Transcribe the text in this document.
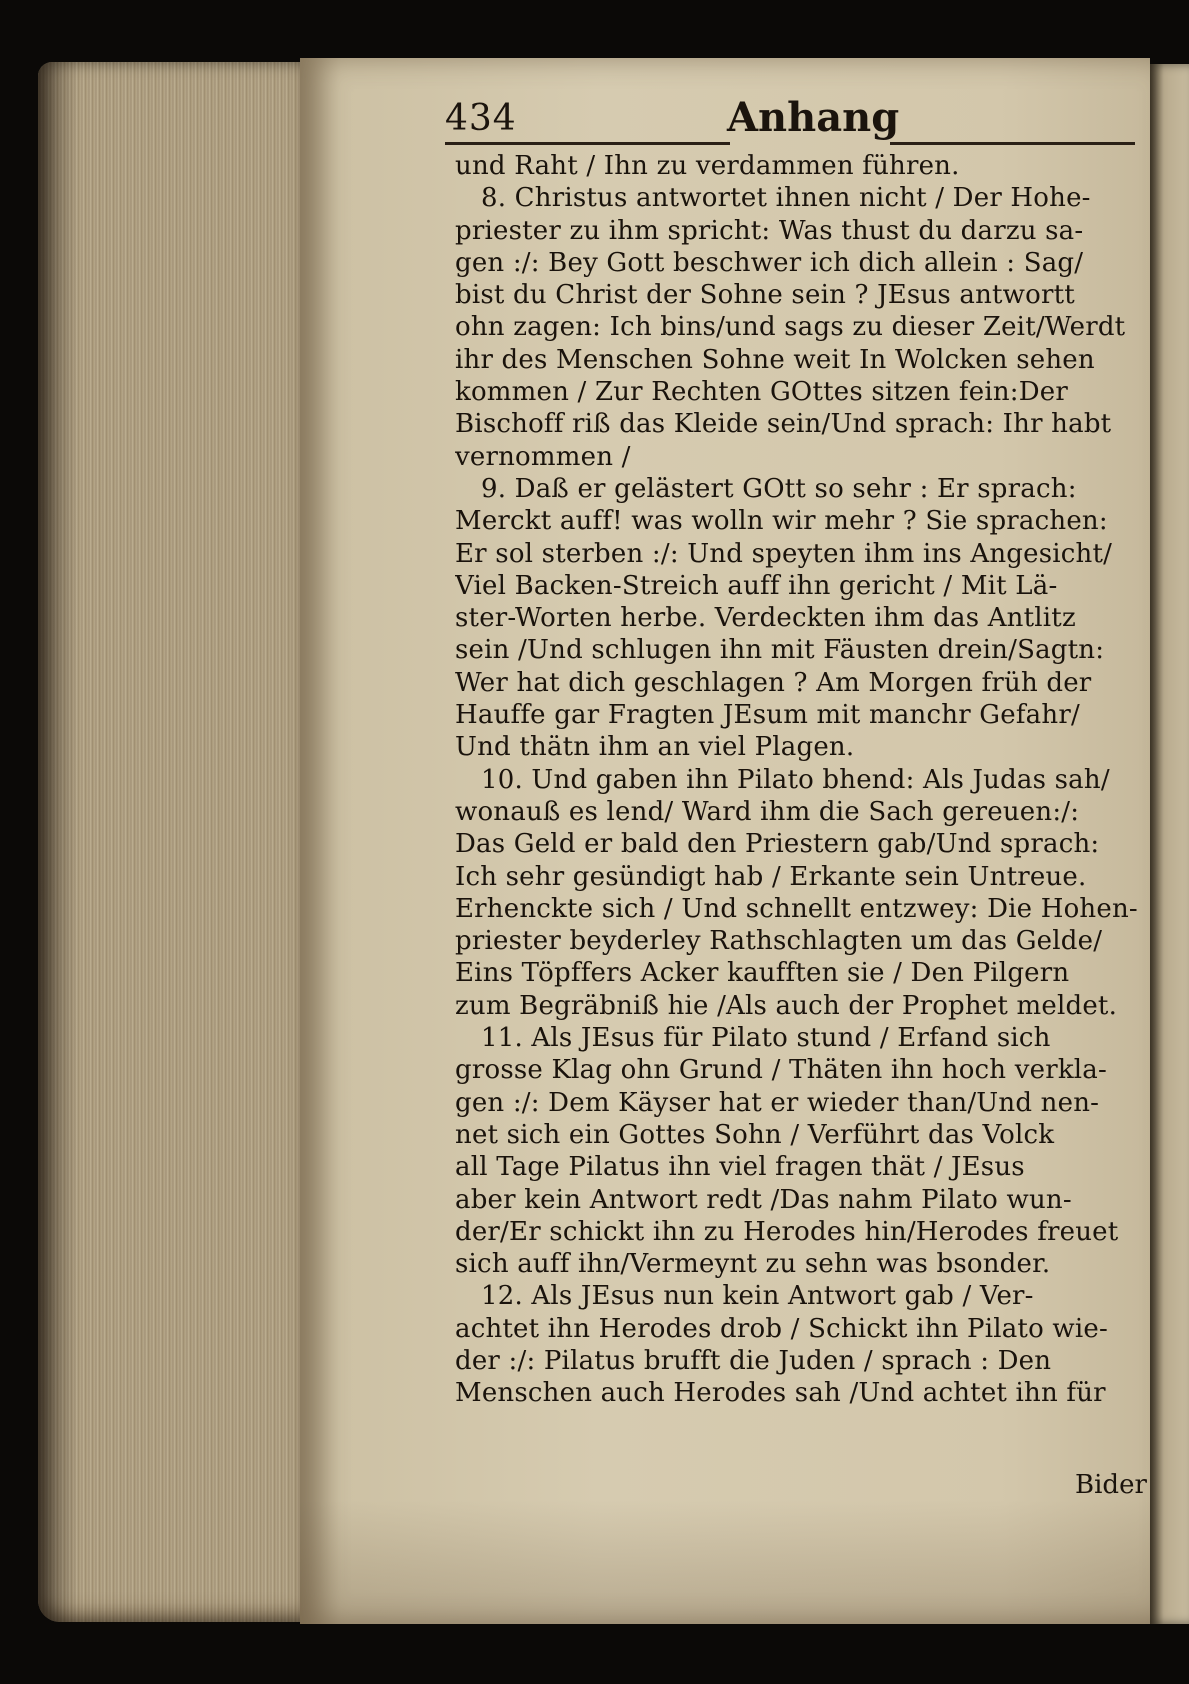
434	Anhang
und Raht / Ihn zu verdammen führen.
8. Christus antwortet ihnen nicht / Der Hohe-
priester zu ihm spricht: Was thust du darzu sa-
gen :/: Bey Gott beschwer ich dich allein : Sag/
bist du Christ der Sohne sein ? JEsus antwortt
ohn zagen: Ich bins/und sags zu dieser Zeit/Werdt
ihr des Menschen Sohne weit In Wolcken sehen
kommen / Zur Rechten GOttes sitzen fein:Der
Bischoff riß das Kleide sein/Und sprach: Ihr habt
vernommen /
9. Daß er gelästert GOtt so sehr : Er sprach:
Merckt auff! was wolln wir mehr ? Sie sprachen:
Er sol sterben :/: Und speyten ihm ins Angesicht/
Viel Backen-Streich auff ihn gericht / Mit Lä-
ster-Worten herbe. Verdeckten ihm das Antlitz
sein /Und schlugen ihn mit Fäusten drein/Sagtn:
Wer hat dich geschlagen ? Am Morgen früh der
Hauffe gar Fragten JEsum mit manchr Gefahr/
Und thätn ihm an viel Plagen.
10. Und gaben ihn Pilato bhend: Als Judas sah/
wonauß es lend/ Ward ihm die Sach gereuen:/:
Das Geld er bald den Priestern gab/Und sprach:
Ich sehr gesündigt hab / Erkante sein Untreue.
Erhenckte sich / Und schnellt entzwey: Die Hohen-
priester beyderley Rathschlagten um das Gelde/
Eins Töpffers Acker kaufften sie / Den Pilgern
zum Begräbniß hie /Als auch der Prophet meldet.
11. Als JEsus für Pilato stund / Erfand sich
grosse Klag ohn Grund / Thäten ihn hoch verkla-
gen :/: Dem Käyser hat er wieder than/Und nen-
net sich ein Gottes Sohn / Verführt das Volck
all Tage Pilatus ihn viel fragen thät / JEsus
aber kein Antwort redt /Das nahm Pilato wun-
der/Er schickt ihn zu Herodes hin/Herodes freuet
sich auff ihn/Vermeynt zu sehn was bsonder.
12. Als JEsus nun kein Antwort gab / Ver-
achtet ihn Herodes drob / Schickt ihn Pilato wie-
der :/: Pilatus brufft die Juden / sprach : Den
Menschen auch Herodes sah /Und achtet ihn für
Bider
